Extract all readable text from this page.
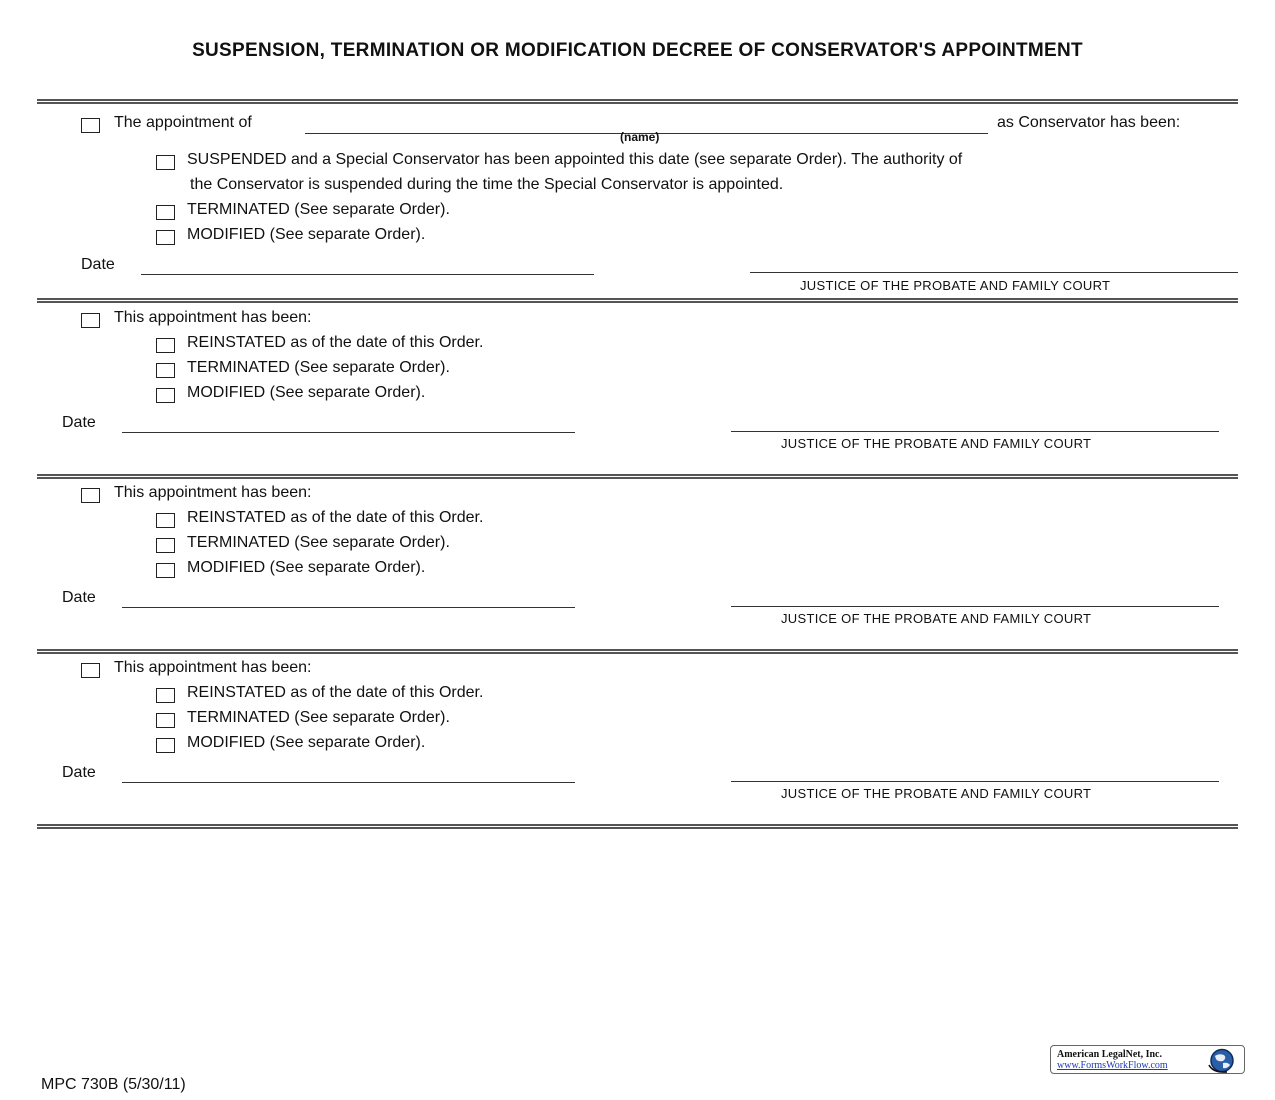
SUSPENSION, TERMINATION OR MODIFICATION DECREE OF CONSERVATOR'S APPOINTMENT
The appointment of
(name)
as Conservator has been:
SUSPENDED and a Special Conservator has been appointed this date (see separate Order). The authority of
the Conservator is suspended during the time the Special Conservator is appointed.
TERMINATED (See separate Order).
MODIFIED (See separate Order).
Date
JUSTICE OF THE PROBATE AND FAMILY COURT
This appointment has been:
REINSTATED as of the date of this Order.
TERMINATED (See separate Order).
MODIFIED (See separate Order).
Date
JUSTICE OF THE PROBATE AND FAMILY COURT
This appointment has been:
REINSTATED as of the date of this Order.
TERMINATED (See separate Order).
MODIFIED (See separate Order).
Date
JUSTICE OF THE PROBATE AND FAMILY COURT
This appointment has been:
REINSTATED as of the date of this Order.
TERMINATED (See separate Order).
MODIFIED (See separate Order).
Date
JUSTICE OF THE PROBATE AND FAMILY COURT
MPC 730B (5/30/11)
American LegalNet, Inc.
www.FormsWorkFlow.com
